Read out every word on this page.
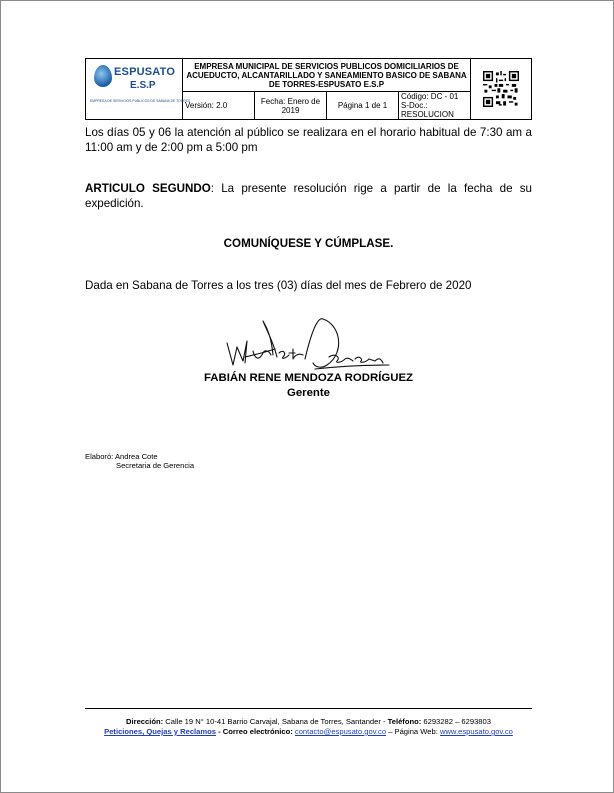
ESPUSATO
E.S.P
EMPRESA DE SERVICIOS PUBLICOS DE SABANA DE TORRES	EMPRESA MUNICIPAL DE SERVICIOS PUBLICOS DOMICILIARIOS DE ACUEDUCTO, ALCANTARILLADO Y SANEAMIENTO BASICO DE SABANA DE TORRES-ESPUSATO E.S.P	

	Versión: 2.0	Fecha: Enero de 2019	Página 1 de 1	Código: DC - 01
S-Doc.: RESOLUCION	
Los días 05 y 06 la atención al público se realizara en el horario habitual de 7:30 am a 11:00 am y de 2:00 pm a 5:00 pm
ARTICULO SEGUNDO: La presente resolución rige a partir de la fecha de su expedición.
COMUNÍQUESE Y CÚMPLASE.
Dada en Sabana de Torres a los tres (03) días del mes de Febrero de 2020
FABIÁN RENE MENDOZA RODRÍGUEZ
Gerente
Elaboró: Andrea Cote
Secretaria de Gerencia
Dirección: Calle 19 N° 10-41 Barrio Carvajal, Sabana de Torres, Santander - Teléfono: 6293282 – 6293803
Peticiones, Quejas y Reclamos - Correo electrónico: contacto@espusato.gov.co – Página Web: www.espusato.gov.co
